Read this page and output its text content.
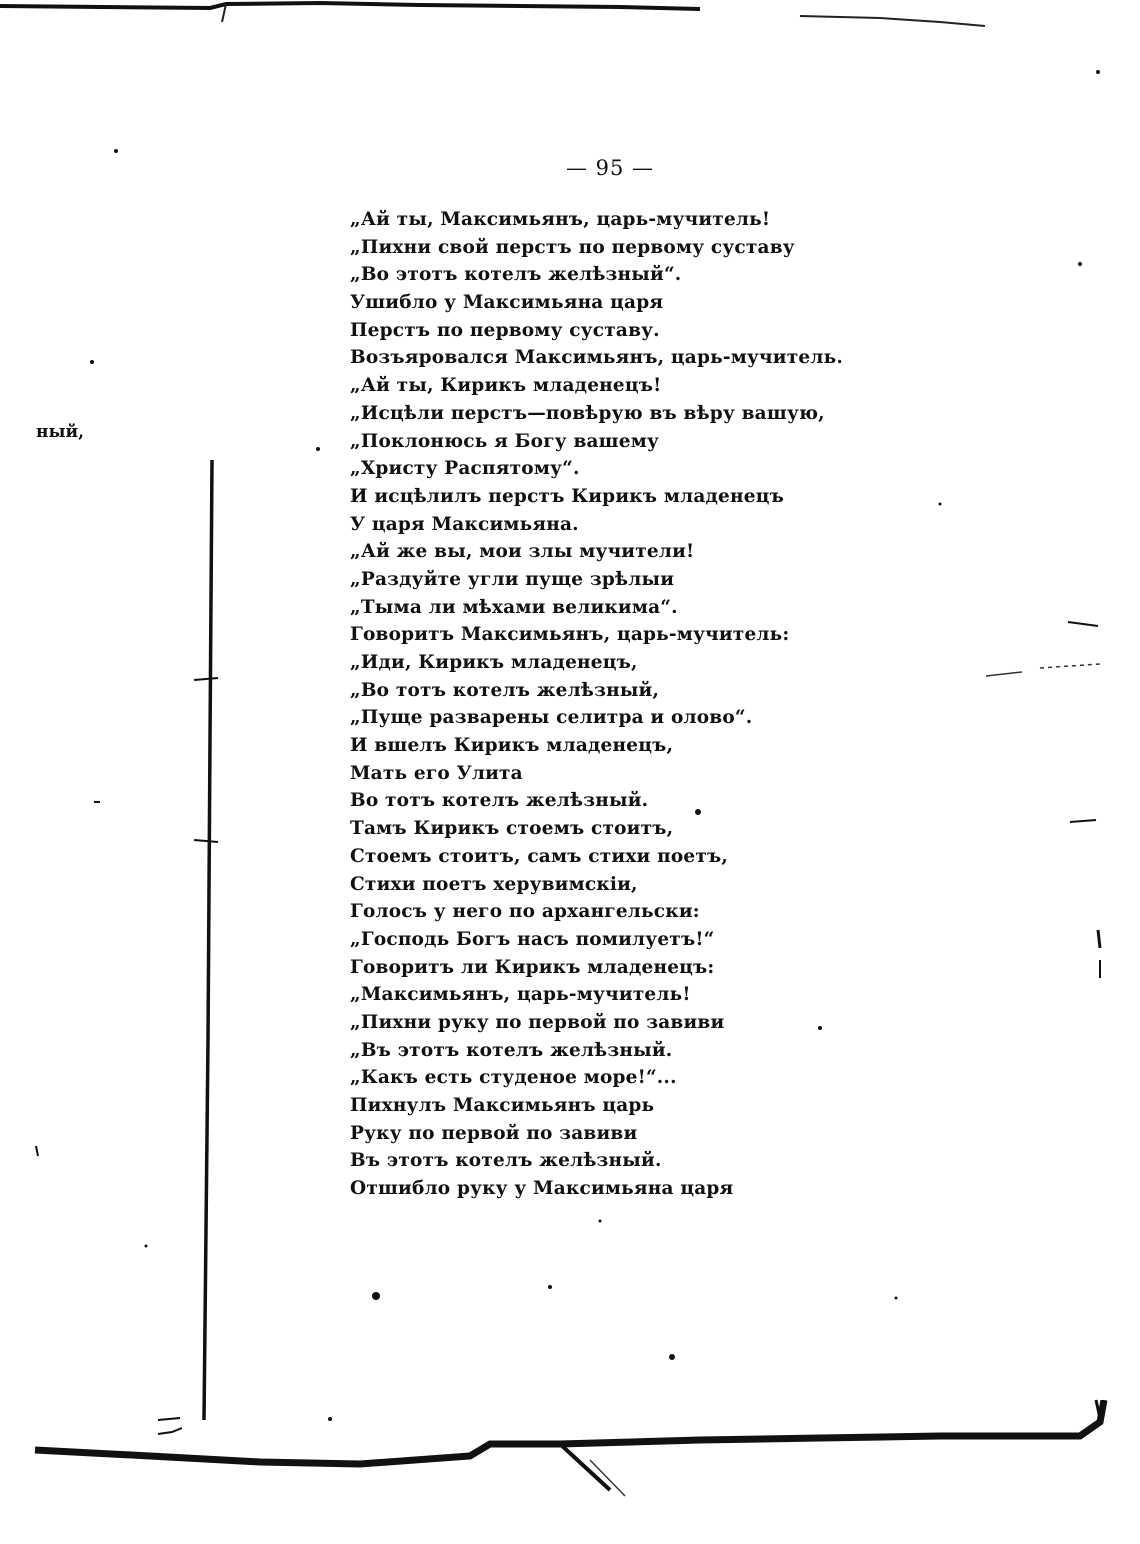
— 95 —
ный,
„Ай ты, Максимьянъ, царь-мучитель!
„Пихни свой перстъ по первому суставу
„Во этотъ котелъ желѣзный“.
Ушибло у Максимьяна царя
Перстъ по первому суставу.
Возъяровался Максимьянъ, царь-мучитель.
„Ай ты, Кирикъ младенецъ!
„Исцѣли перстъ—повѣрую въ вѣру вашую,
„Поклонюсь я Богу вашему
„Христу Распятому“.
И исцѣлилъ перстъ Кирикъ младенецъ
У царя Максимьяна.
„Ай же вы, мои злы мучители!
„Раздуйте угли пуще зрѣлыи
„Тыма ли мѣхами великима“.
Говоритъ Максимьянъ, царь-мучитель:
„Иди, Кирикъ младенецъ,
„Во тотъ котелъ желѣзный,
„Пуще разварены селитра и олово“.
И вшелъ Кирикъ младенецъ,
Мать его Улита
Во тотъ котелъ желѣзный.
Тамъ Кирикъ стоемъ стоитъ,
Стоемъ стоитъ, самъ стихи поетъ,
Стихи поетъ херувимскіи,
Голосъ у него по архангельски:
„Господь Богъ насъ помилуетъ!“
Говоритъ ли Кирикъ младенецъ:
„Максимьянъ, царь-мучитель!
„Пихни руку по первой по завиви
„Въ этотъ котелъ желѣзный.
„Какъ есть студеное море!“...
Пихнулъ Максимьянъ царь
Руку по первой по завиви
Въ этотъ котелъ желѣзный.
Отшибло руку у Максимьяна царя
